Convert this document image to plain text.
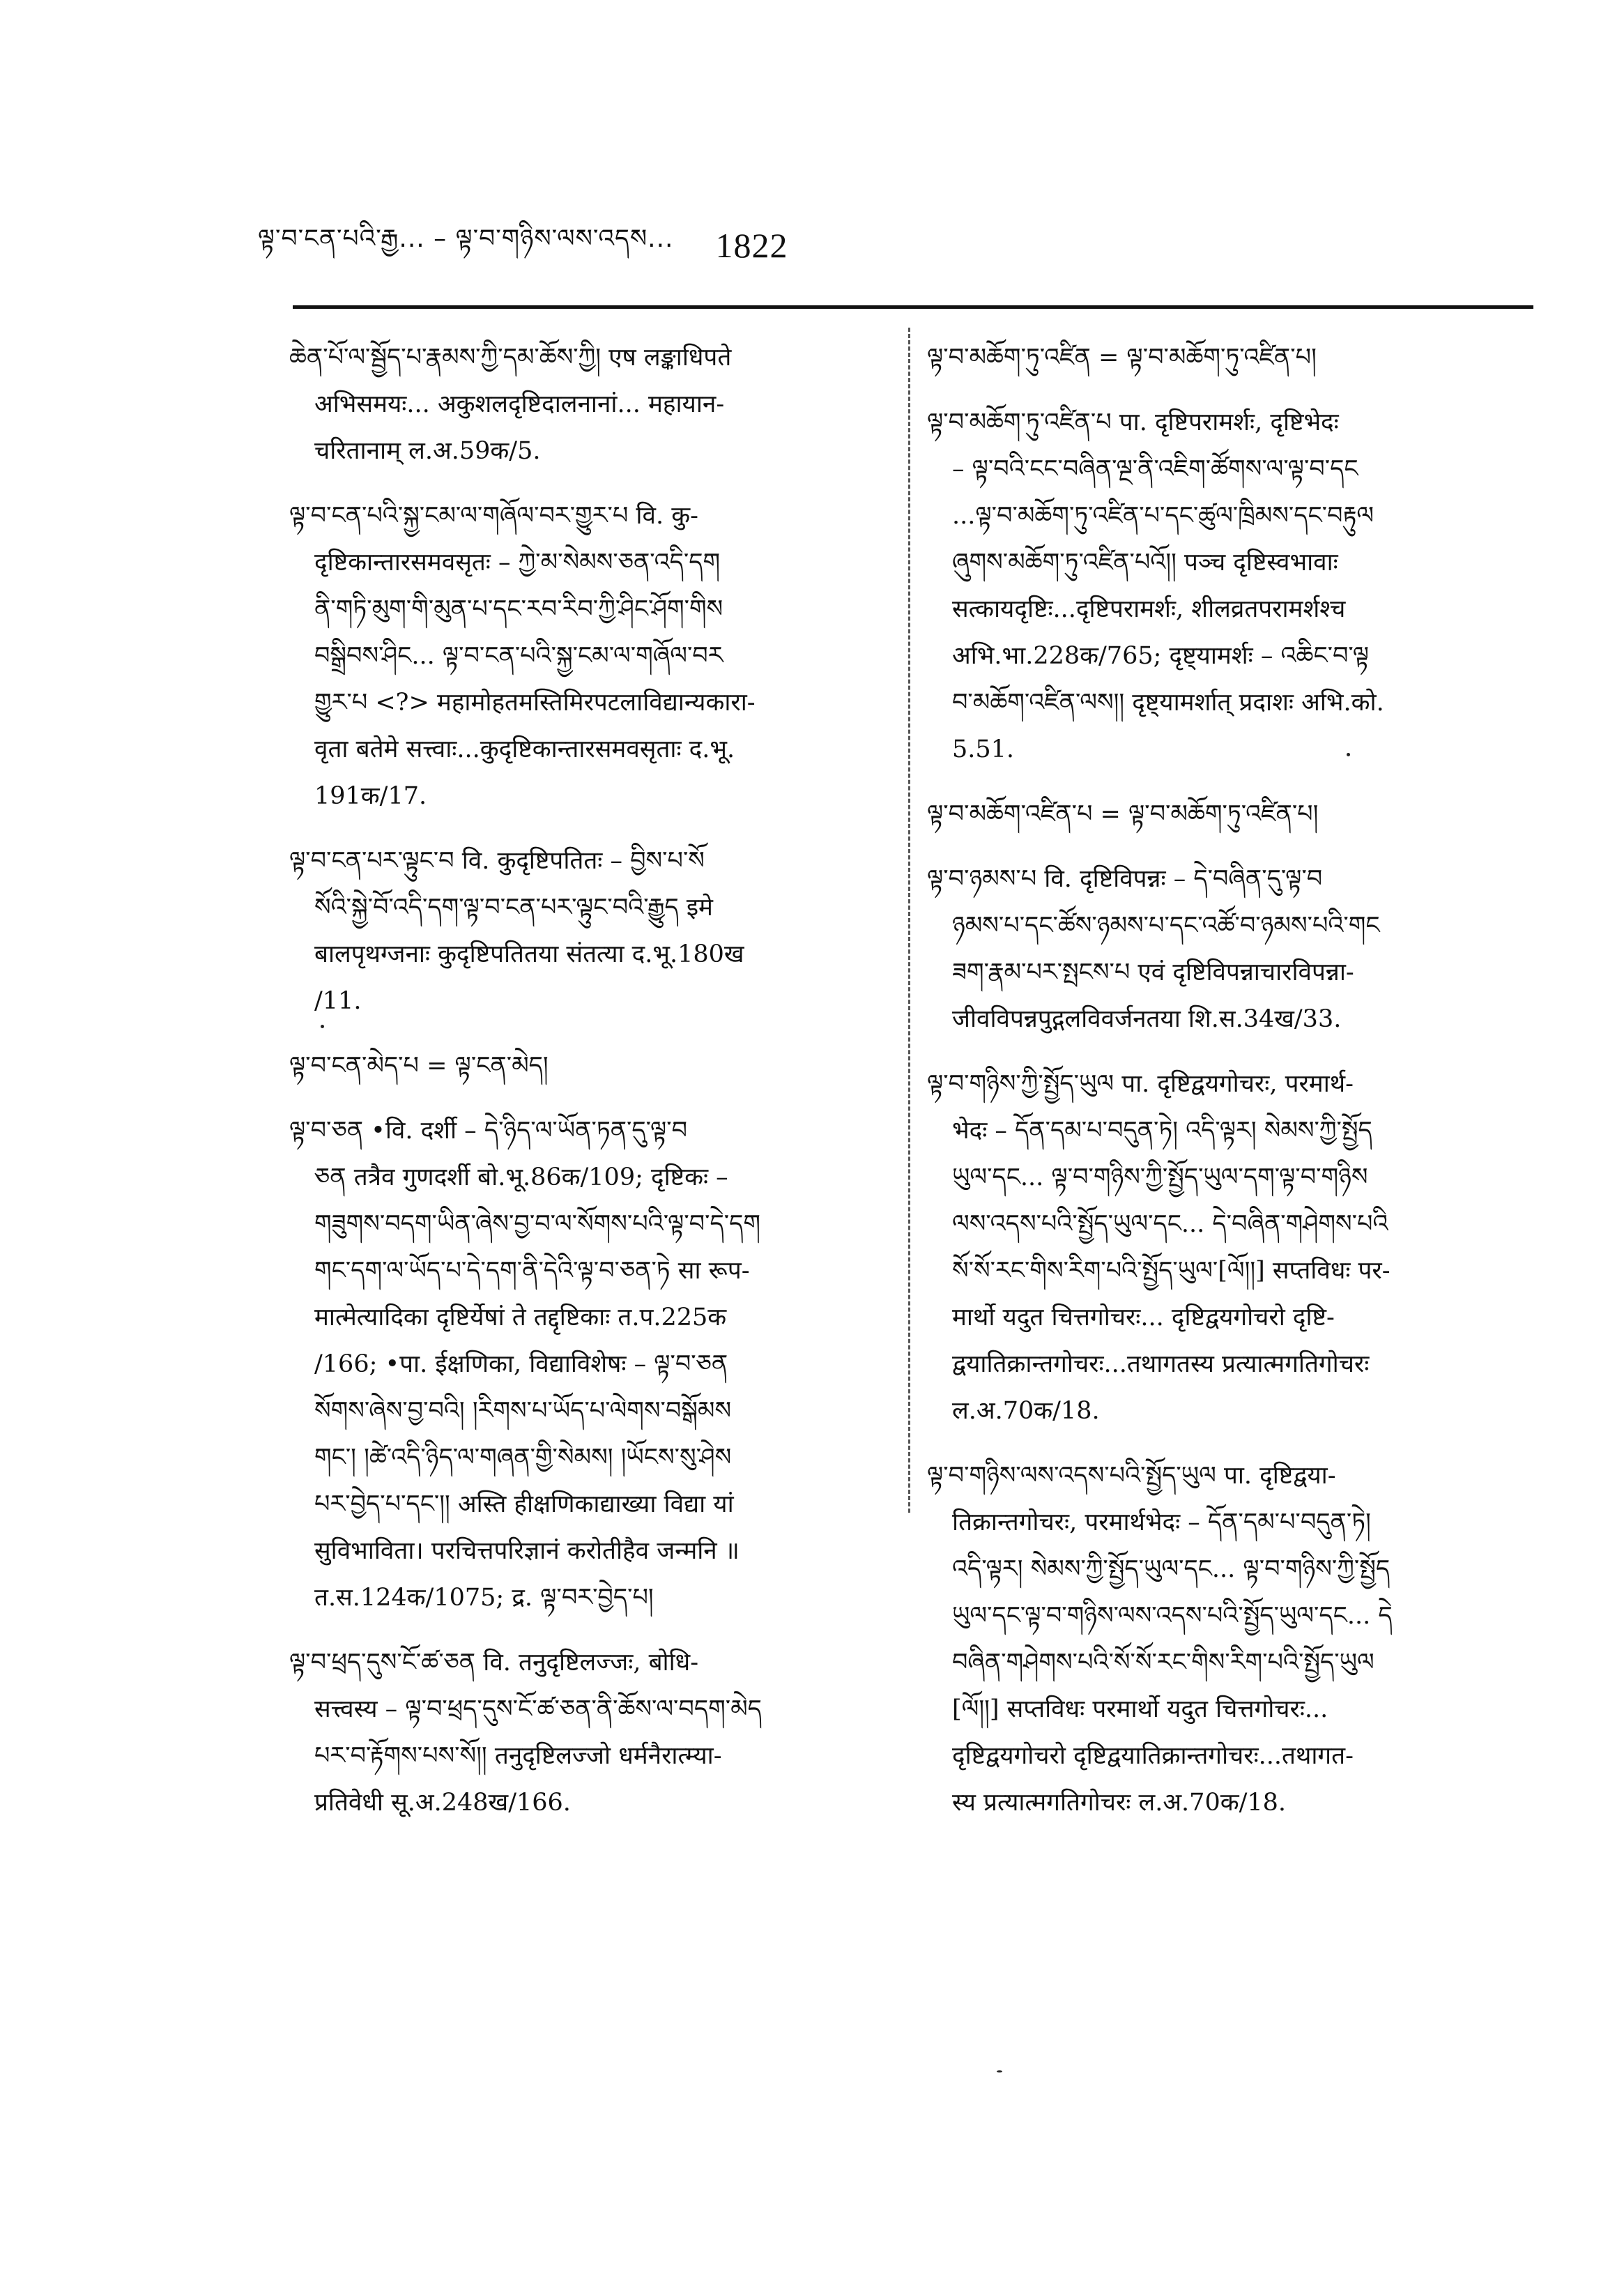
ལྟ་བ་ངན་པའི་རྒྱ... – ལྟ་བ་གཉིས་ལས་འདས... 1822
ཆེན་པོ་ལ་སྦྱོད་པ་རྣམས་ཀྱི་དམ་ཆོས་ཀྱི། एष लङ्काधिपते
अभिसमयः... अकुशलदृष्टिदालनानां... महायान-
चरितानाम् ल.अ.59क/5.
ལྟ་བ་ངན་པའི་སྐྱ་ངམ་ལ་གཞོལ་བར་གྱུར་པ वि. कु-
दृष्टिकान्तारसमवसृतः – ཀྱེ་མ་སེམས་ཅན་འདི་དག
ནི་གཏི་མུག་གི་མུན་པ་དང་རབ་རིབ་ཀྱི་ཤིང་ཤོག་གིས
བསྒྲིབས་ཤིང... ལྟ་བ་ངན་པའི་སྐྱ་ངམ་ལ་གཞོལ་བར
གྱུར་པ <?> महामोहतमस्तिमिरपटलाविद्यान्यकारा-
वृता बतेमे सत्त्वाः...कुदृष्टिकान्तारसमवसृताः द.भू.
191क/17.
ལྟ་བ་ངན་པར་ལྟུང་བ वि. कुदृष्टिपतितः – བྱིས་པ་སོ
སོའི་སྐྱེ་བོ་འདི་དག་ལྟ་བ་ངན་པར་ལྟུང་བའི་རྒྱུད इमे
बालपृथग्जनाः कुदृष्टिपतितया संतत्या द.भू.180ख
/11.
ལྟ་བ་ངན་མེད་པ = ལྟ་ངན་མེད།
ལྟ་བ་ཅན •वि. दर्शी – དེ་ཉིད་ལ་ཡོན་ཏན་དུ་ལྟ་བ
ཅན तत्रैव गुणदर्शी बो.भू.86क/109; दृष्टिकः –
གཟུགས་བདག་ཡིན་ཞེས་བྱ་བ་ལ་སོགས་པའི་ལྟ་བ་དེ་དག
གང་དག་ལ་ཡོད་པ་དེ་དག་ནི་དེའི་ལྟ་བ་ཅན་ཏེ सा रूप-
मात्मेत्यादिका दृष्टिर्येषां ते तद्दृष्टिकाः त.प.225क
/166; •पा. ईक्षणिका, विद्याविशेषः – ལྟ་བ་ཅན
སོགས་ཞེས་བྱ་བའི། །རིགས་པ་ཡོད་པ་ལེགས་བསྒོམས
གང་། །ཚེ་འདི་ཉིད་ལ་གཞན་གྱི་སེམས། །ཡོངས་སུ་ཤེས
པར་བྱེད་པ་དང་།། अस्ति हीक्षणिकाद्याख्या विद्या यां
सुविभाविता। परचित्तपरिज्ञानं करोतीहैव जन्मनि ॥
त.स.124क/1075; द्र. ལྟ་བར་བྱེད་པ།
ལྟ་བ་ཕྲད་དུས་ངོ་ཚ་ཅན वि. तनुदृष्टिलज्जः, बोधि-
सत्त्वस्य – ལྟ་བ་ཕྲད་དུས་ངོ་ཚ་ཅན་ནི་ཆོས་ལ་བདག་མེད
པར་བ་རྟོགས་པས་སོ།། तनुदृष्टिलज्जो धर्मनैरात्म्या-
प्रतिवेधी सू.अ.248ख/166.
ལྟ་བ་མཆོག་ཏུ་འཛིན = ལྟ་བ་མཆོག་ཏུ་འཛིན་པ།
ལྟ་བ་མཆོག་ཏུ་འཛིན་པ पा. दृष्टिपरामर्शः, दृष्टिभेदः
– ལྟ་བའི་ངང་བཞིན་ལྔ་ནི་འཇིག་ཚོགས་ལ་ལྟ་བ་དང
...ལྟ་བ་མཆོག་ཏུ་འཛིན་པ་དང་ཚུལ་ཁྲིམས་དང་བརྟུལ
ཞུགས་མཆོག་ཏུ་འཛིན་པའོ།། पञ्च दृष्टिस्वभावाः
सत्कायदृष्टिः...दृष्टिपरामर्शः, शीलव्रतपरामर्शश्च
अभि.भा.228क/765; दृष्ट्यामर्शः – འཆིང་བ་ལྟ
བ་མཆོག་འཛིན་ལས།། दृष्ट्यामर्शात् प्रदाशः अभि.को.
5.51.
ལྟ་བ་མཆོག་འཛིན་པ = ལྟ་བ་མཆོག་ཏུ་འཛིན་པ།
ལྟ་བ་ཉམས་པ वि. दृष्टिविपन्नः – དེ་བཞིན་དུ་ལྟ་བ
ཉམས་པ་དང་ཚོས་ཉམས་པ་དང་འཚོ་བ་ཉམས་པའི་གང
ཟག་རྣམ་པར་སྤངས་པ एवं दृष्टिविपन्नाचारविपन्ना-
जीवविपन्नपुद्गलविवर्जनतया शि.स.34ख/33.
ལྟ་བ་གཉིས་ཀྱི་སྤྱོད་ཡུལ पा. दृष्टिद्वयगोचरः, परमार्थ-
भेदः – དོན་དམ་པ་བདུན་ཏེ། འདི་ལྟར། སེམས་ཀྱི་སྤྱོད
ཡུལ་དང... ལྟ་བ་གཉིས་ཀྱི་སྤྱོད་ཡུལ་དག་ལྟ་བ་གཉིས
ལས་འདས་པའི་སྤྱོད་ཡུལ་དང... དེ་བཞིན་གཤེགས་པའི
སོ་སོ་རང་གིས་རིག་པའི་སྤྱོད་ཡུལ་[ལོ།།] सप्तविधः पर-
मार्थो यदुत चित्तगोचरः... दृष्टिद्वयगोचरो दृष्टि-
द्वयातिक्रान्तगोचरः...तथागतस्य प्रत्यात्मगतिगोचरः
ल.अ.70क/18.
ལྟ་བ་གཉིས་ལས་འདས་པའི་སྤྱོད་ཡུལ पा. दृष्टिद्वया-
तिक्रान्तगोचरः, परमार्थभेदः – དོན་དམ་པ་བདུན་ཏེ།
འདི་ལྟར། སེམས་ཀྱི་སྤྱོད་ཡུལ་དང... ལྟ་བ་གཉིས་ཀྱི་སྤྱོད
ཡུལ་དང་ལྟ་བ་གཉིས་ལས་འདས་པའི་སྤྱོད་ཡུལ་དང... དེ
བཞིན་གཤེགས་པའི་སོ་སོ་རང་གིས་རིག་པའི་སྤྱོད་ཡུལ
[ལོ།།] सप्तविधः परमार्थो यदुत चित्तगोचरः...
दृष्टिद्वयगोचरो दृष्टिद्वयातिक्रान्तगोचरः...तथागत-
स्य प्रत्यात्मगतिगोचरः ल.अ.70क/18.
